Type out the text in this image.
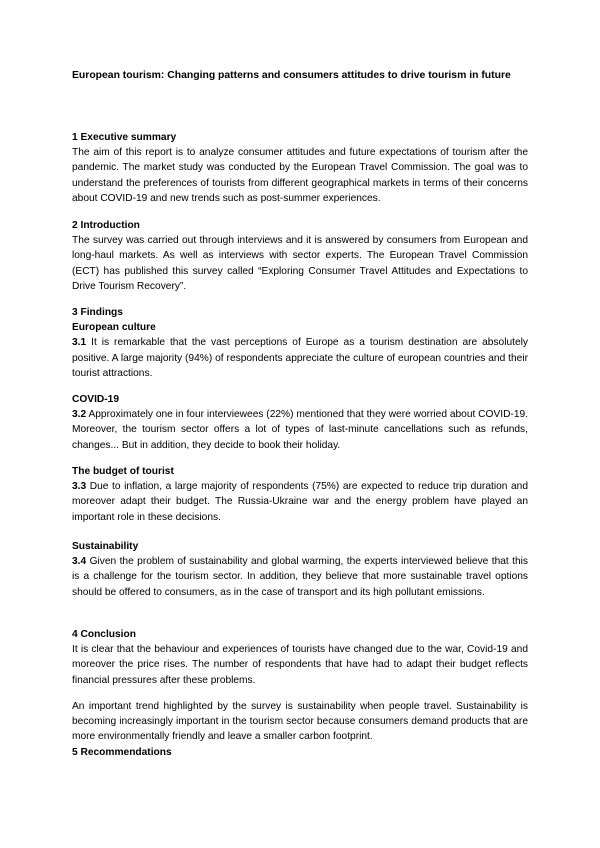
European tourism: Changing patterns and consumers attitudes to drive tourism in future

1 Executive summary

The aim of this report is to analyze consumer attitudes and future expectations of tourism after the pandemic. The market study was conducted by the European Travel Commission. The goal was to understand the preferences of tourists from different geographical markets in terms of their concerns about COVID-19 and new trends such as post-summer experiences.

2 Introduction

The survey was carried out through interviews and it is answered by consumers from European and long-haul markets. As well as interviews with sector experts. The European Travel Commission (ECT) has published this survey called “Exploring Consumer Travel Attitudes and Expectations to Drive Tourism Recovery”.

3 Findings

European culture

3.1 It is remarkable that the vast perceptions of Europe as a tourism destination are absolutely positive. A large majority (94%) of respondents appreciate the culture of european countries and their tourist attractions.

COVID-19

3.2 Approximately one in four interviewees (22%) mentioned that they were worried about COVID-19. Moreover, the tourism sector offers a lot of types of last-minute cancellations such as refunds, changes... But in addition, they decide to book their holiday.

The budget of tourist

3.3 Due to inflation, a large majority of respondents (75%) are expected to reduce trip duration and moreover adapt their budget. The Russia-Ukraine war and the energy problem have played an important role in these decisions.

Sustainability

3.4 Given the problem of sustainability and global warming, the experts interviewed believe that this is a challenge for the tourism sector. In addition, they believe that more sustainable travel options should be offered to consumers, as in the case of transport and its high pollutant emissions.

4 Conclusion

It is clear that the behaviour and experiences of tourists have changed due to the war, Covid-19 and moreover the price rises. The number of respondents that have had to adapt their budget reflects financial pressures after these problems.

An important trend highlighted by the survey is sustainability when people travel. Sustainability is becoming increasingly important in the tourism sector because consumers demand products that are more environmentally friendly and leave a smaller carbon footprint.

5 Recommendations
